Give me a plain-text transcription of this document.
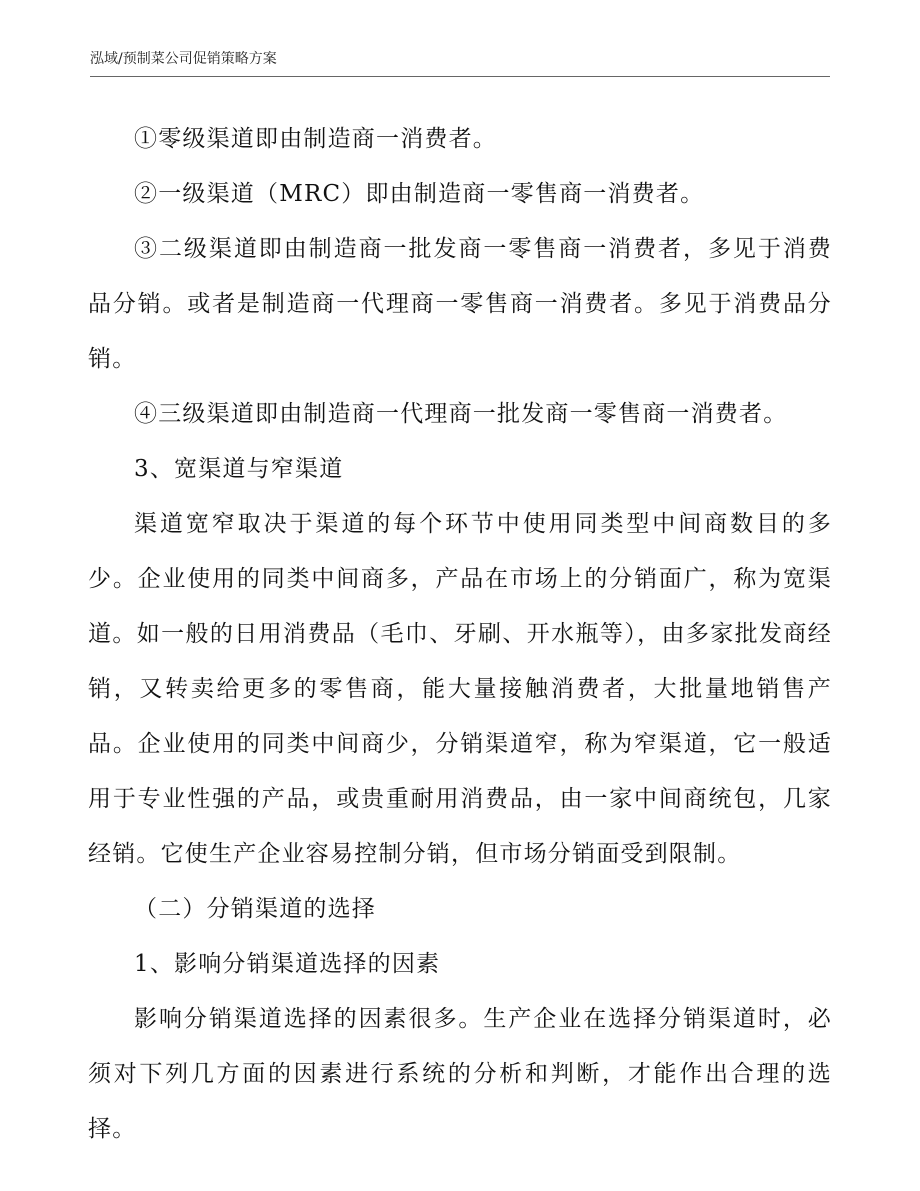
泓域/预制菜公司促销策略方案

①零级渠道即由制造商一消费者。

②一级渠道（MRC）即由制造商一零售商一消费者。

③二级渠道即由制造商一批发商一零售商一消费者，多见于消费品分销。或者是制造商一代理商一零售商一消费者。多见于消费品分销。

④三级渠道即由制造商一代理商一批发商一零售商一消费者。

3、宽渠道与窄渠道

渠道宽窄取决于渠道的每个环节中使用同类型中间商数目的多少。企业使用的同类中间商多，产品在市场上的分销面广，称为宽渠道。如一般的日用消费品（毛巾、牙刷、开水瓶等），由多家批发商经销，又转卖给更多的零售商，能大量接触消费者，大批量地销售产品。企业使用的同类中间商少，分销渠道窄，称为窄渠道，它一般适用于专业性强的产品，或贵重耐用消费品，由一家中间商统包，几家经销。它使生产企业容易控制分销，但市场分销面受到限制。

（二）分销渠道的选择

1、影响分销渠道选择的因素

影响分销渠道选择的因素很多。生产企业在选择分销渠道时，必须对下列几方面的因素进行系统的分析和判断，才能作出合理的选择。
